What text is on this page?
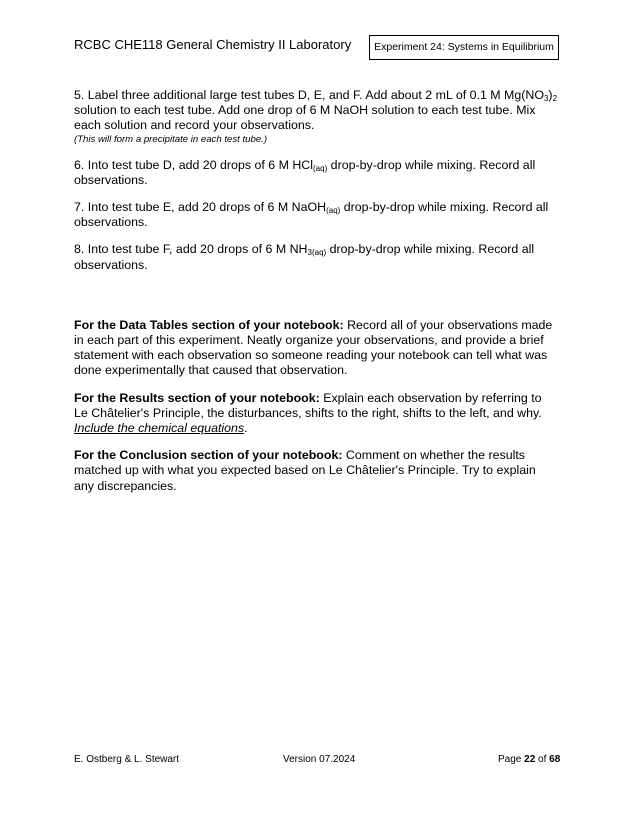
RCBC CHE118 General Chemistry II Laboratory	Experiment 24: Systems in Equilibrium

5. Label three additional large test tubes D, E, and F. Add about 2 mL of 0.1 M $Mg(NO_3)_2$ solution to each test tube. Add one drop of 6 M NaOH solution to each test tube. Mix each solution and record your observations.

(This will form a precipitate in each test tube.)

6. Into test tube D, add 20 drops of 6 M HCl$_{(aq)}$ drop-by-drop while mixing. Record all observations.

7. Into test tube E, add 20 drops of 6 M NaOH$_{(aq)}$ drop-by-drop while mixing. Record all observations.

8. Into test tube F, add 20 drops of 6 M $NH_{3(aq)}$ drop-by-drop while mixing. Record all observations.

For the Data Tables section of your notebook: Record all of your observations made in each part of this experiment. Neatly organize your observations, and provide a brief statement with each observation so someone reading your notebook can tell what was done experimentally that caused that observation.

For the Results section of your notebook: Explain each observation by referring to Le Châtelier's Principle, the disturbances, shifts to the right, shifts to the left, and why. Include the chemical equations.

For the Conclusion section of your notebook: Comment on whether the results matched up with what you expected based on Le Châtelier's Principle. Try to explain any discrepancies.

E. Ostberg & L. Stewart	Version 07.2024	Page 22 of 68
